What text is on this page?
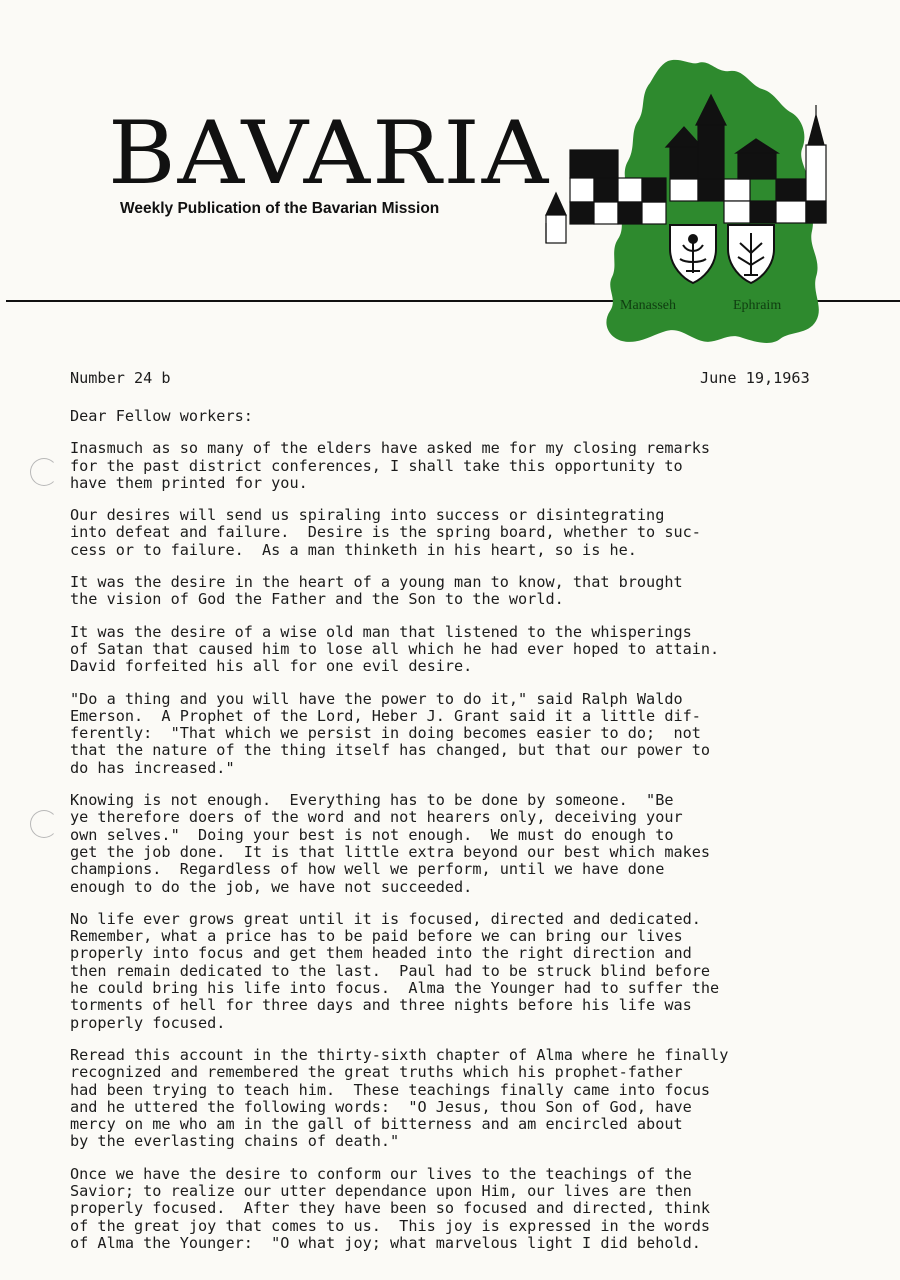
BAVARIA
Weekly Publication of the Bavarian Mission
Manasseh	Ephraim
Number 24 b	June 19,1963
Dear Fellow workers:

Inasmuch as so many of the elders have asked me for my closing remarks
for the past district conferences, I shall take this opportunity to
have them printed for you.

Our desires will send us spiraling into success or disintegrating
into defeat and failure.  Desire is the spring board, whether to suc-
cess or to failure.  As a man thinketh in his heart, so is he.

It was the desire in the heart of a young man to know, that brought
the vision of God the Father and the Son to the world.

It was the desire of a wise old man that listened to the whisperings
of Satan that caused him to lose all which he had ever hoped to attain.
David forfeited his all for one evil desire.

"Do a thing and you will have the power to do it," said Ralph Waldo
Emerson.  A Prophet of the Lord, Heber J. Grant said it a little dif-
ferently:  "That which we persist in doing becomes easier to do;  not
that the nature of the thing itself has changed, but that our power to
do has increased."

Knowing is not enough.  Everything has to be done by someone.  "Be
ye therefore doers of the word and not hearers only, deceiving your
own selves."  Doing your best is not enough.  We must do enough to
get the job done.  It is that little extra beyond our best which makes
champions.  Regardless of how well we perform, until we have done
enough to do the job, we have not succeeded.

No life ever grows great until it is focused, directed and dedicated.
Remember, what a price has to be paid before we can bring our lives
properly into focus and get them headed into the right direction and
then remain dedicated to the last.  Paul had to be struck blind before
he could bring his life into focus.  Alma the Younger had to suffer the
torments of hell for three days and three nights before his life was
properly focused.

Reread this account in the thirty-sixth chapter of Alma where he finally
recognized and remembered the great truths which his prophet-father
had been trying to teach him.  These teachings finally came into focus
and he uttered the following words:  "O Jesus, thou Son of God, have
mercy on me who am in the gall of bitterness and am encircled about
by the everlasting chains of death."

Once we have the desire to conform our lives to the teachings of the
Savior; to realize our utter dependance upon Him, our lives are then
properly focused.  After they have been so focused and directed, think
of the great joy that comes to us.  This joy is expressed in the words
of Alma the Younger:  "O what joy; what marvelous light I did behold.
